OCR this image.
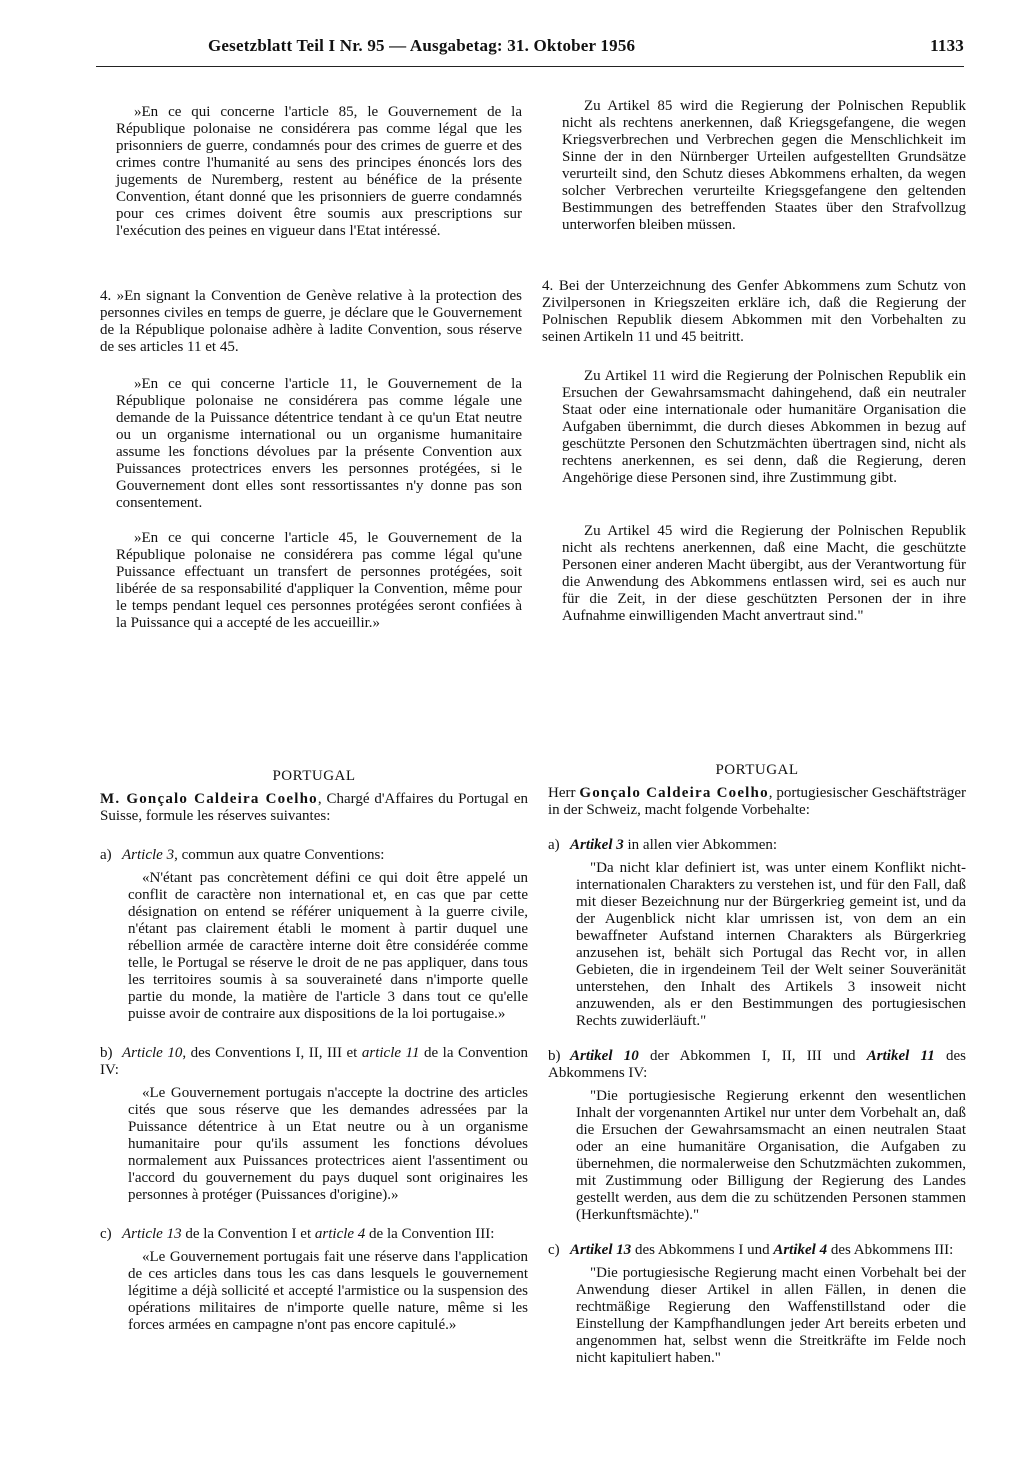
Gesetzblatt Teil I Nr. 95 — Ausgabetag: 31. Oktober 1956	1133

»En ce qui concerne l'article 85, le Gouvernement de la République polonaise ne considérera pas comme légal que les prisonniers de guerre, condamnés pour des crimes de guerre et des crimes contre l'humanité au sens des principes énoncés lors des jugements de Nuremberg, restent au bénéfice de la présente Convention, étant donné que les prisonniers de guerre condamnés pour ces crimes doivent être soumis aux prescriptions sur l'exécution des peines en vigueur dans l'Etat intéressé.

4. »En signant la Convention de Genève relative à la protection des personnes civiles en temps de guerre, je déclare que le Gouvernement de la République polonaise adhère à ladite Convention, sous réserve de ses articles 11 et 45.

»En ce qui concerne l'article 11, le Gouvernement de la République polonaise ne considérera pas comme légale une demande de la Puissance détentrice tendant à ce qu'un Etat neutre ou un organisme international ou un organisme humanitaire assume les fonctions dévolues par la présente Convention aux Puissances protectrices envers les personnes protégées, si le Gouvernement dont elles sont ressortissantes n'y donne pas son consentement.

»En ce qui concerne l'article 45, le Gouvernement de la République polonaise ne considérera pas comme légal qu'une Puissance effectuant un transfert de personnes protégées, soit libérée de sa responsabilité d'appliquer la Convention, même pour le temps pendant lequel ces personnes protégées seront confiées à la Puissance qui a accepté de les accueillir.»

Zu Artikel 85 wird die Regierung der Polnischen Republik nicht als rechtens anerkennen, daß Kriegsgefangene, die wegen Kriegsverbrechen und Verbrechen gegen die Menschlichkeit im Sinne der in den Nürnberger Urteilen aufgestellten Grundsätze verurteilt sind, den Schutz dieses Abkommens erhalten, da wegen solcher Verbrechen verurteilte Kriegsgefangene den geltenden Bestimmungen des betreffenden Staates über den Strafvollzug unterworfen bleiben müssen.

4. Bei der Unterzeichnung des Genfer Abkommens zum Schutz von Zivilpersonen in Kriegszeiten erkläre ich, daß die Regierung der Polnischen Republik diesem Abkommen mit den Vorbehalten zu seinen Artikeln 11 und 45 beitritt.

Zu Artikel 11 wird die Regierung der Polnischen Republik ein Ersuchen der Gewahrsamsmacht dahingehend, daß ein neutraler Staat oder eine internationale oder humanitäre Organisation die Aufgaben übernimmt, die durch dieses Abkommen in bezug auf geschützte Personen den Schutzmächten übertragen sind, nicht als rechtens anerkennen, es sei denn, daß die Regierung, deren Angehörige diese Personen sind, ihre Zustimmung gibt.

Zu Artikel 45 wird die Regierung der Polnischen Republik nicht als rechtens anerkennen, daß eine Macht, die geschützte Personen einer anderen Macht übergibt, aus der Verantwortung für die Anwendung des Abkommens entlassen wird, sei es auch nur für die Zeit, in der diese geschützten Personen der in ihre Aufnahme einwilligenden Macht anvertraut sind."

PORTUGAL

M. Gonçalo Caldeira Coelho, Chargé d'Affaires du Portugal en Suisse, formule les réserves suivantes:

a) Article 3, commun aux quatre Conventions:

«N'étant pas concrètement défini ce qui doit être appelé un conflit de caractère non international et, en cas que par cette désignation on entend se référer uniquement à la guerre civile, n'étant pas clairement établi le moment à partir duquel une rébellion armée de caractère interne doit être considérée comme telle, le Portugal se réserve le droit de ne pas appliquer, dans tous les territoires soumis à sa souveraineté dans n'importe quelle partie du monde, la matière de l'article 3 dans tout ce qu'elle puisse avoir de contraire aux dispositions de la loi portugaise.»

b) Article 10, des Conventions I, II, III et article 11 de la Convention IV:

«Le Gouvernement portugais n'accepte la doctrine des articles cités que sous réserve que les demandes adressées par la Puissance détentrice à un Etat neutre ou à un organisme humanitaire pour qu'ils assument les fonctions dévolues normalement aux Puissances protectrices aient l'assentiment ou l'accord du gouvernement du pays duquel sont originaires les personnes à protéger (Puissances d'origine).»

c) Article 13 de la Convention I et article 4 de la Convention III:

«Le Gouvernement portugais fait une réserve dans l'application de ces articles dans tous les cas dans lesquels le gouvernement légitime a déjà sollicité et accepté l'armistice ou la suspension des opérations militaires de n'importe quelle nature, même si les forces armées en campagne n'ont pas encore capitulé.»

PORTUGAL

Herr Gonçalo Caldeira Coelho, portugiesischer Geschäftsträger in der Schweiz, macht folgende Vorbehalte:

a) Artikel 3 in allen vier Abkommen:

"Da nicht klar definiert ist, was unter einem Konflikt nicht-internationalen Charakters zu verstehen ist, und für den Fall, daß mit dieser Bezeichnung nur der Bürgerkrieg gemeint ist, und da der Augenblick nicht klar umrissen ist, von dem an ein bewaffneter Aufstand internen Charakters als Bürgerkrieg anzusehen ist, behält sich Portugal das Recht vor, in allen Gebieten, die in irgendeinem Teil der Welt seiner Souveränität unterstehen, den Inhalt des Artikels 3 insoweit nicht anzuwenden, als er den Bestimmungen des portugiesischen Rechts zuwiderläuft."

b) Artikel 10 der Abkommen I, II, III und Artikel 11 des Abkommens IV:

"Die portugiesische Regierung erkennt den wesentlichen Inhalt der vorgenannten Artikel nur unter dem Vorbehalt an, daß die Ersuchen der Gewahrsamsmacht an einen neutralen Staat oder an eine humanitäre Organisation, die Aufgaben zu übernehmen, die normalerweise den Schutzmächten zukommen, mit Zustimmung oder Billigung der Regierung des Landes gestellt werden, aus dem die zu schützenden Personen stammen (Herkunftsmächte)."

c) Artikel 13 des Abkommens I und Artikel 4 des Abkommens III:

"Die portugiesische Regierung macht einen Vorbehalt bei der Anwendung dieser Artikel in allen Fällen, in denen die rechtmäßige Regierung den Waffenstillstand oder die Einstellung der Kampfhandlungen jeder Art bereits erbeten und angenommen hat, selbst wenn die Streitkräfte im Felde noch nicht kapituliert haben."
